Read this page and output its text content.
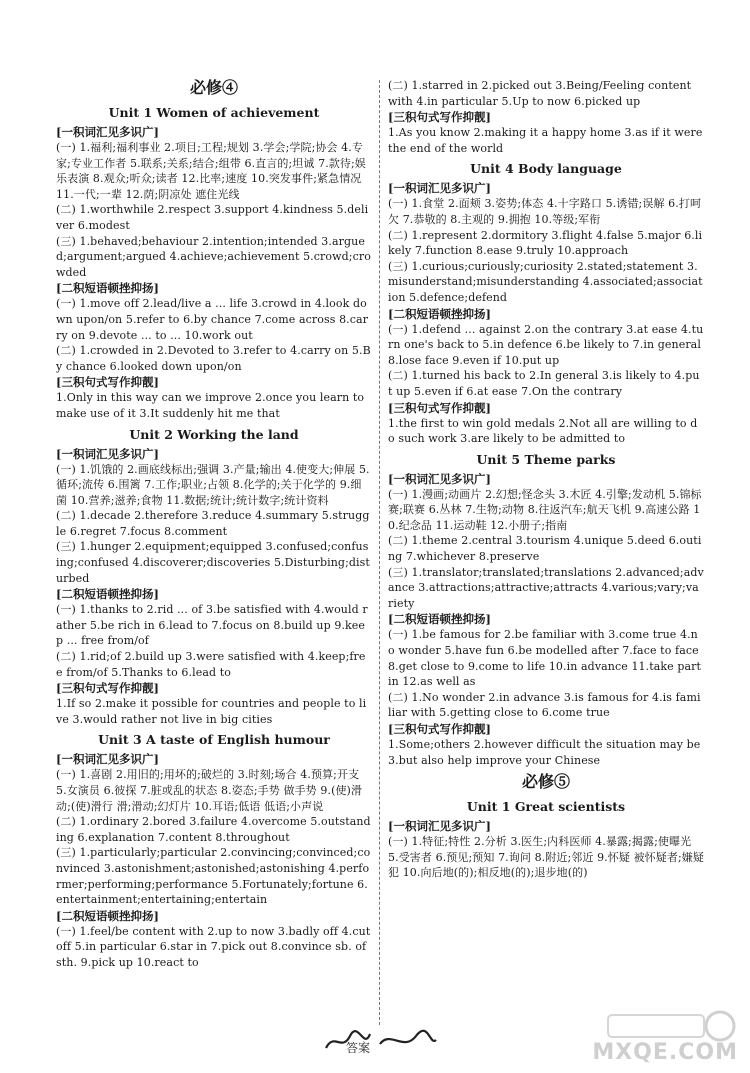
必修④
Unit 1 Women of achievement
[一积词汇见多识广]

(一) 1.福利;福利事业 2.项目;工程;规划 3.学会;学院;协会 4.专家;专业工作者 5.联系;关系;结合;组带 6.直言的;坦诚 7.款待;娱乐表演 8.观众;听众;读者 12.比率;速度 10.突发事件;紧急情况 11.一代;一辈 12.荫;阴凉处 遮住光线

(二) 1.worthwhile 2.respect 3.support 4.kindness 5.deliver 6.modest

(三) 1.behaved;behaviour 2.intention;intended 3.argued;argument;argued 4.achieve;achievement 5.crowd;crowded

[二积短语顿挫抑扬]

(一) 1.move off 2.lead/live a ... life 3.crowd in 4.look down upon/on 5.refer to 6.by chance 7.come across 8.carry on 9.devote ... to ... 10.work out

(二) 1.crowded in 2.Devoted to 3.refer to 4.carry on 5.By chance 6.looked down upon/on

[三积句式写作抑靓]

1.Only in this way can we improve 2.once you learn to make use of it 3.It suddenly hit me that

Unit 2 Working the land
[一积词汇见多识广]

(一) 1.饥饿的 2.画底线标出;强调 3.产量;输出 4.使变大;伸展 5.循环;流传 6.围篱 7.工作;职业;占领 8.化学的;关于化学的 9.细菌 10.营养;滋养;食物 11.数据;统计;统计数字;统计资料

(二) 1.decade 2.therefore 3.reduce 4.summary 5.struggle 6.regret 7.focus 8.comment

(三) 1.hunger 2.equipment;equipped 3.confused;confusing;confused 4.discoverer;discoveries 5.Disturbing;disturbed

[二积短语顿挫抑扬]

(一) 1.thanks to 2.rid ... of 3.be satisfied with 4.would rather 5.be rich in 6.lead to 7.focus on 8.build up 9.keep ... free from/of

(二) 1.rid;of 2.build up 3.were satisfied with 4.keep;free from/of 5.Thanks to 6.lead to

[三积句式写作抑靓]

1.If so 2.make it possible for countries and people to live 3.would rather not live in big cities

Unit 3 A taste of English humour
[一积词汇见多识广]

(一) 1.喜剧 2.用旧的;用坏的;破烂的 3.时刻;场合 4.预算;开支 5.女演员 6.彼探 7.脏或乱的状态 8.姿态;手势 做手势 9.(使)滑动;(使)滑行 滑;滑动;幻灯片 10.耳语;低语 低语;小声说

(二) 1.ordinary 2.bored 3.failure 4.overcome 5.outstanding 6.explanation 7.content 8.throughout

(三) 1.particularly;particular 2.convincing;convinced;convinced 3.astonishment;astonished;astonishing 4.performer;performing;performance 5.Fortunately;fortune 6.entertainment;entertaining;entertain

[二积短语顿挫抑扬]

(一) 1.feel/be content with 2.up to now 3.badly off 4.cut off 5.in particular 6.star in 7.pick out 8.convince sb. of sth. 9.pick up 10.react to

(二) 1.starred in 2.picked out 3.Being/Feeling content with 4.in particular 5.Up to now 6.picked up

[三积句式写作抑靓]

1.As you know 2.making it a happy home 3.as if it were the end of the world

Unit 4 Body language
[一积词汇见多识广]

(一) 1.食堂 2.面颊 3.姿势;体态 4.十字路口 5.诱错;误解 6.打呵欠 7.恭敬的 8.主观的 9.拥抱 10.等级;军衔

(二) 1.represent 2.dormitory 3.flight 4.false 5.major 6.likely 7.function 8.ease 9.truly 10.approach

(三) 1.curious;curiously;curiosity 2.stated;statement 3.misunderstand;misunderstanding 4.associated;association 5.defence;defend

[二积短语顿挫抑扬]

(一) 1.defend ... against 2.on the contrary 3.at ease 4.turn one's back to 5.in defence 6.be likely to 7.in general 8.lose face 9.even if 10.put up

(二) 1.turned his back to 2.In general 3.is likely to 4.put up 5.even if 6.at ease 7.On the contrary

[三积句式写作抑靓]

1.the first to win gold medals 2.Not all are willing to do such work 3.are likely to be admitted to

Unit 5 Theme parks
[一积词汇见多识广]

(一) 1.漫画;动画片 2.幻想;怪念头 3.木匠 4.引擎;发动机 5.锦标赛;联赛 6.丛林 7.生物;动物 8.往返汽车;航天飞机 9.高速公路 10.纪念品 11.运动鞋 12.小册子;指南

(二) 1.theme 2.central 3.tourism 4.unique 5.deed 6.outing 7.whichever 8.preserve

(三) 1.translator;translated;translations 2.advanced;advance 3.attractions;attractive;attracts 4.various;vary;variety

[二积短语顿挫抑扬]

(一) 1.be famous for 2.be familiar with 3.come true 4.no wonder 5.have fun 6.be modelled after 7.face to face 8.get close to 9.come to life 10.in advance 11.take part in 12.as well as

(二) 1.No wonder 2.in advance 3.is famous for 4.is familiar with 5.getting close to 6.come true

[三积句式写作抑靓]

1.Some;others 2.however difficult the situation may be 3.but also help improve your Chinese

必修⑤
Unit 1 Great scientists
[一积词汇见多识广]

(一) 1.特征;特性 2.分析 3.医生;内科医师 4.暴露;揭露;使曝光 5.受害者 6.预见;预知 7.询问 8.附近;邻近 9.怀疑 被怀疑者;嫌疑犯 10.向后地(的);相反地(的);退步地(的)

答案	MXQE.COM
